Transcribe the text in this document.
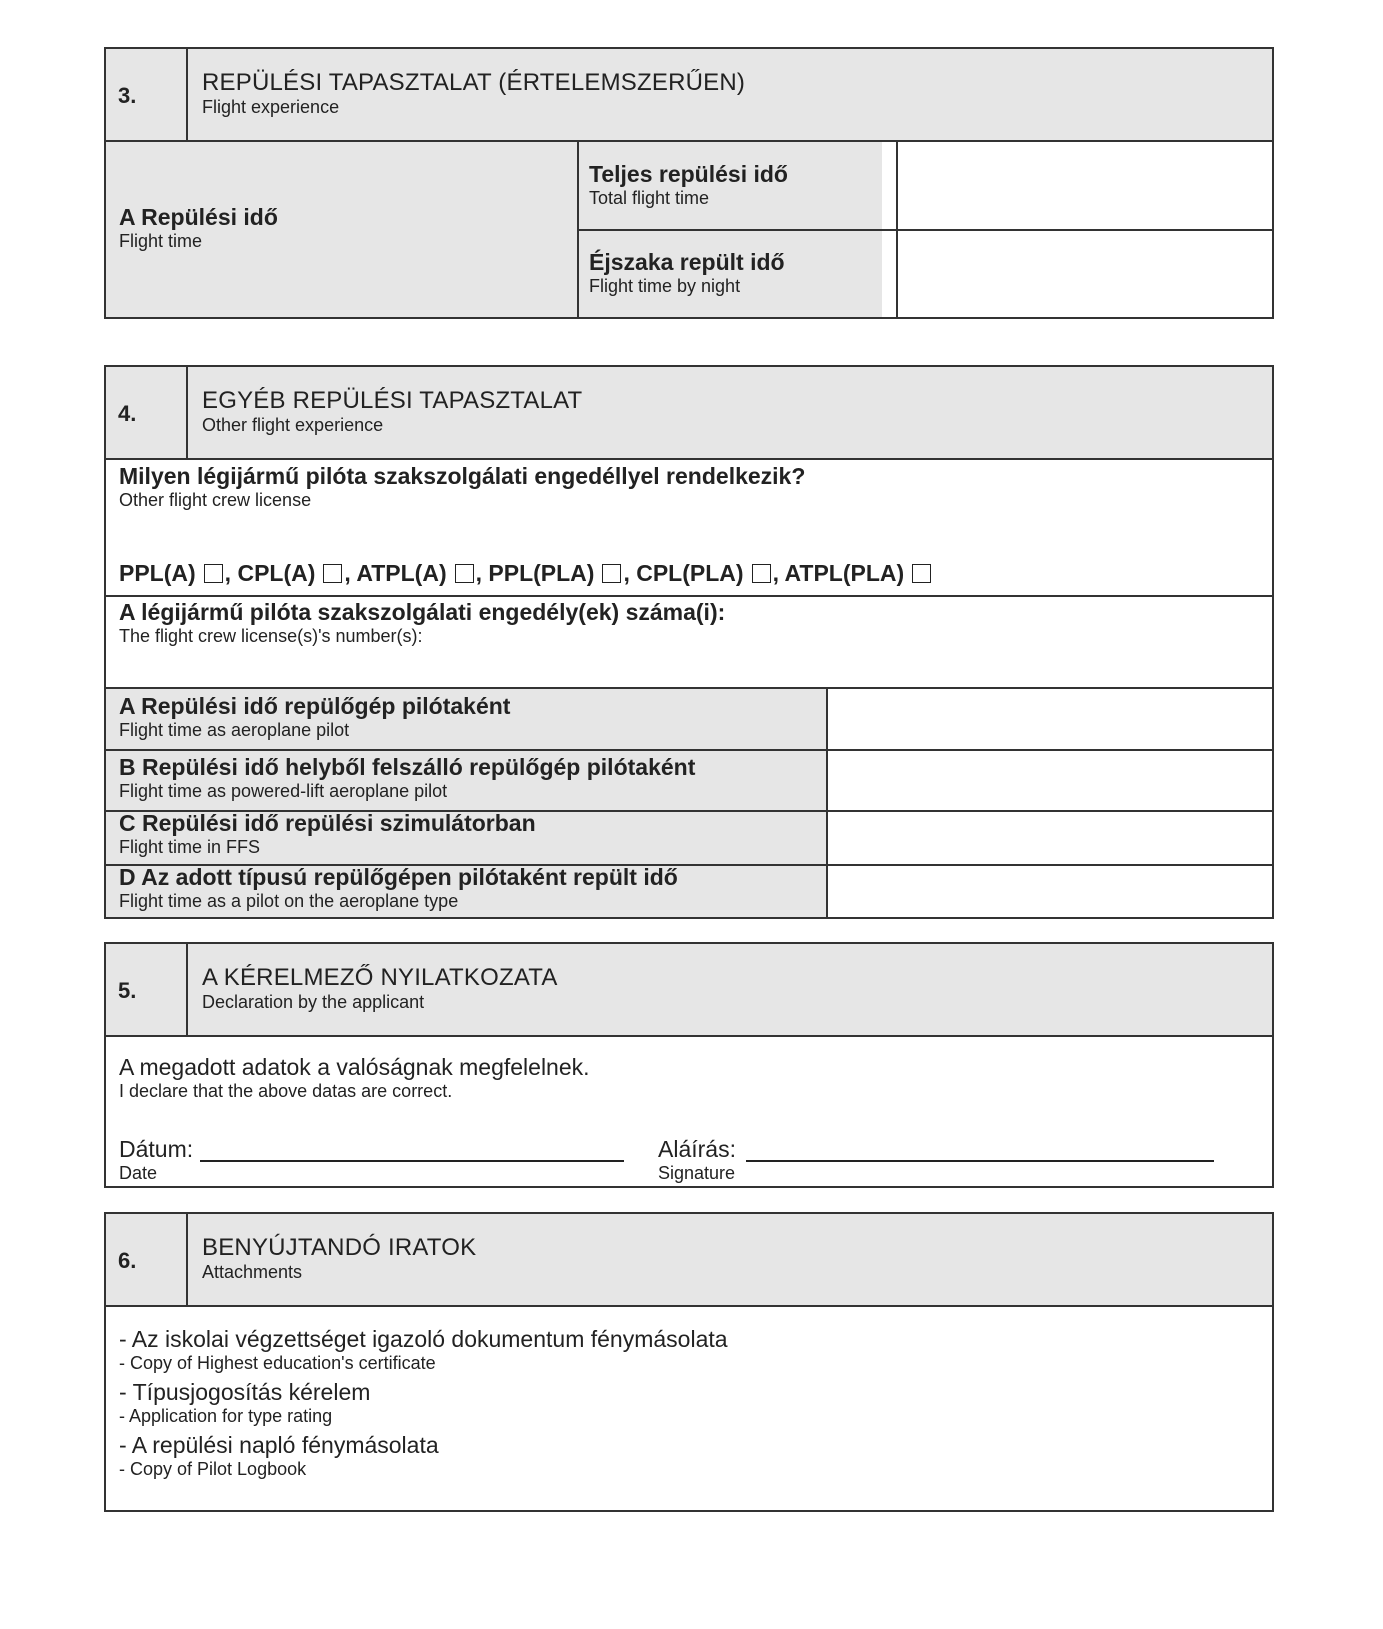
3.	REPÜLÉSI TAPASZTALAT (ÉRTELEMSZERŰEN)
Flight experience
A Repülési idő
Flight time
Teljes repülési idő
Total flight time
Éjszaka repült idő
Flight time by night
4.	EGYÉB REPÜLÉSI TAPASZTALAT
Other flight experience
Milyen légijármű pilóta szakszolgálati engedéllyel rendelkezik?
Other flight crew license
PPL(A) , CPL(A) , ATPL(A) , PPL(PLA) , CPL(PLA) , ATPL(PLA)
A légijármű pilóta szakszolgálati engedély(ek) száma(i):
The flight crew license(s)'s number(s):
A Repülési idő repülőgép pilótaként
Flight time as aeroplane pilot
B Repülési idő helyből felszálló repülőgép pilótaként
Flight time as powered-lift aeroplane pilot
C Repülési idő repülési szimulátorban
Flight time in FFS
D Az adott típusú repülőgépen pilótaként repült idő
Flight time as a pilot on the aeroplane type
5.	A KÉRELMEZŐ NYILATKOZATA
Declaration by the applicant
A megadott adatok a valóságnak megfelelnek.
I declare that the above datas are correct.
Dátum:
Date
Aláírás:
Signature
6.	BENYÚJTANDÓ IRATOK
Attachments
- Az iskolai végzettséget igazoló dokumentum fénymásolata
- Copy of Highest education's certificate
- Típusjogosítás kérelem
- Application for type rating
- A repülési napló fénymásolata
- Copy of Pilot Logbook
